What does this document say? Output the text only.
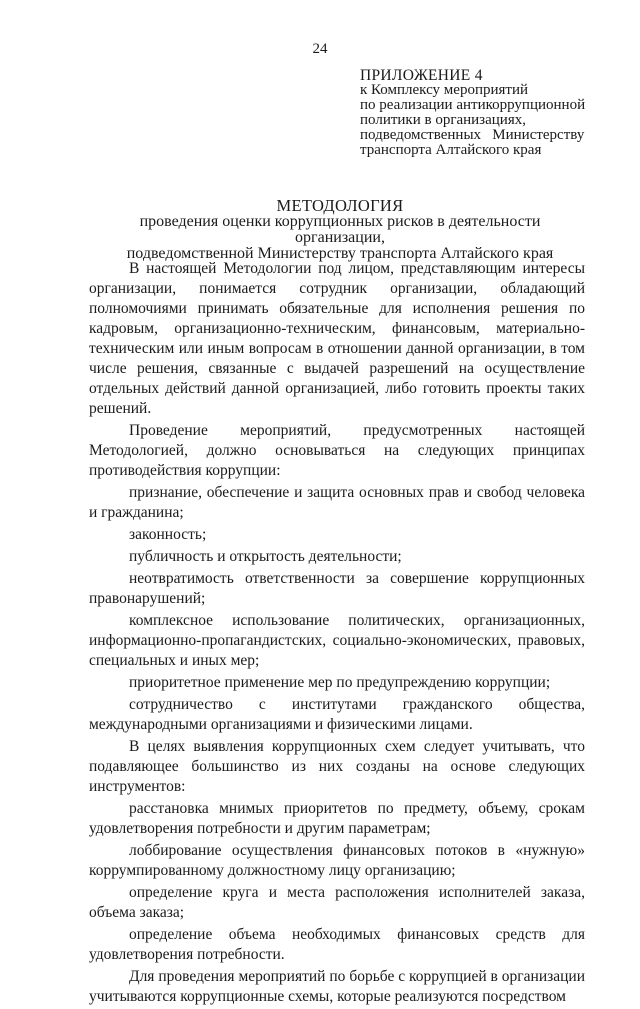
24
ПРИЛОЖЕНИЕ 4
к Комплексу мероприятий
по реализации антикоррупционной
политики в организациях,
подведомственных   Министерству
транспорта Алтайского края
МЕТОДОЛОГИЯ
проведения оценки коррупционных рисков в деятельности организации,
подведомственной Министерству транспорта Алтайского края

В настоящей Методологии под лицом, представляющим интересы организации, понимается сотрудник организации, обладающий полномочиями принимать обязательные для исполнения решения по кадровым, организационно-техническим, финансовым, материально-техническим или иным вопросам в отношении данной организации, в том числе решения, связанные с выдачей разрешений на осуществление отдельных действий данной организацией, либо готовить проекты таких решений.

Проведение мероприятий, предусмотренных настоящей Методологией, должно основываться на следующих принципах противодействия коррупции:

признание, обеспечение и защита основных прав и свобод человека и гражданина;

законность;

публичность и открытость деятельности;

неотвратимость ответственности за совершение коррупционных правонарушений;

комплексное использование политических, организационных, информационно-пропагандистских, социально-экономических, правовых, специальных и иных мер;

приоритетное применение мер по предупреждению коррупции;

сотрудничество с институтами гражданского общества, международными организациями и физическими лицами.

В целях выявления коррупционных схем следует учитывать, что подавляющее большинство из них созданы на основе следующих инструментов:

расстановка мнимых приоритетов по предмету, объему, срокам удовлетворения потребности и другим параметрам;

лоббирование осуществления финансовых потоков в «нужную» коррумпированному должностному лицу организацию;

определение круга и места расположения исполнителей заказа, объема заказа;

определение объема необходимых финансовых средств для удовлетворения потребности.

Для проведения мероприятий по борьбе с коррупцией в организации учитываются коррупционные схемы, которые реализуются посредством
